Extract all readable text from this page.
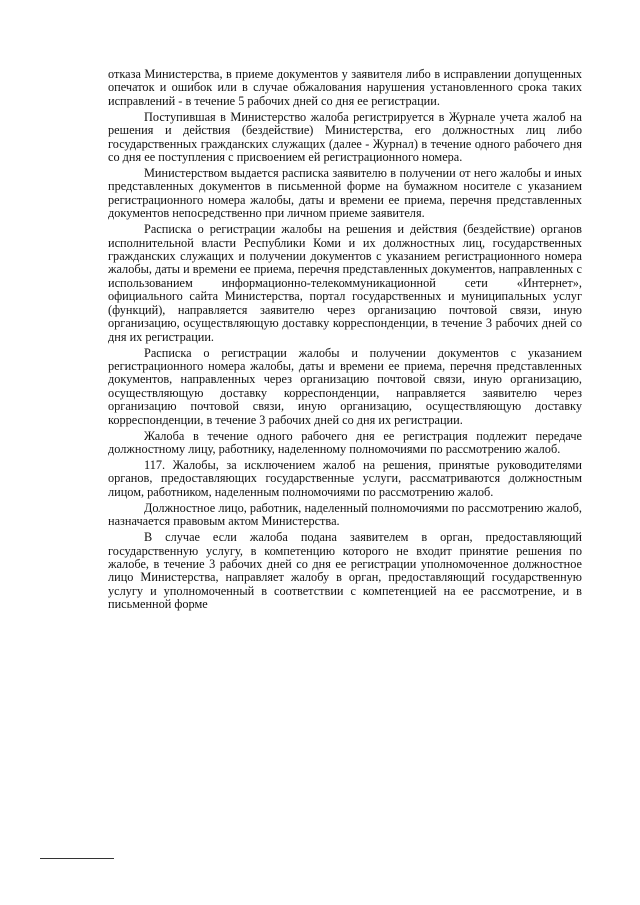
отказа Министерства, в приеме документов у заявителя либо в исправлении допущенных опечаток и ошибок или в случае обжалования нарушения установленного срока таких исправлений - в течение 5 рабочих дней со дня ее регистрации.

Поступившая в Министерство жалоба регистрируется в Журнале учета жалоб на решения и действия (бездействие) Министерства, его должностных лиц либо государственных гражданских служащих (далее - Журнал) в течение одного рабочего дня со дня ее поступления с присвоением ей регистрационного номера.

Министерством выдается расписка заявителю в получении от него жалобы и иных представленных документов в письменной форме на бумажном носителе с указанием регистрационного номера жалобы, даты и времени ее приема, перечня представленных документов непосредственно при личном приеме заявителя.

Расписка о регистрации жалобы на решения и действия (бездействие) органов исполнительной власти Республики Коми и их должностных лиц, государственных гражданских служащих и получении документов с указанием регистрационного номера жалобы, даты и времени ее приема, перечня представленных документов, направленных с использованием информационно-телекоммуникационной сети «Интернет», официального сайта Министерства, портал государственных и муниципальных услуг (функций), направляется заявителю через организацию почтовой связи, иную организацию, осуществляющую доставку корреспонденции, в течение 3 рабочих дней со дня их регистрации.

Расписка о регистрации жалобы и получении документов с указанием регистрационного номера жалобы, даты и времени ее приема, перечня представленных документов, направленных через организацию почтовой связи, иную организацию, осуществляющую доставку корреспонденции, направляется заявителю через организацию почтовой связи, иную организацию, осуществляющую доставку корреспонденции, в течение 3 рабочих дней со дня их регистрации.

Жалоба в течение одного рабочего дня ее регистрация подлежит передаче должностному лицу, работнику, наделенному полномочиями по рассмотрению жалоб.

117. Жалобы, за исключением жалоб на решения, принятые руководителями органов, предоставляющих государственные услуги, рассматриваются должностным лицом, работником, наделенным полномочиями по рассмотрению жалоб.

Должностное лицо, работник, наделенный полномочиями по рассмотрению жалоб, назначается правовым актом Министерства.

В случае если жалоба подана заявителем в орган, предоставляющий государственную услугу, в компетенцию которого не входит принятие решения по жалобе, в течение 3 рабочих дней со дня ее регистрации уполномоченное должностное лицо Министерства, направляет жалобу в орган, предоставляющий государственную услугу и уполномоченный в соответствии с компетенцией на ее рассмотрение, и в письменной форме
